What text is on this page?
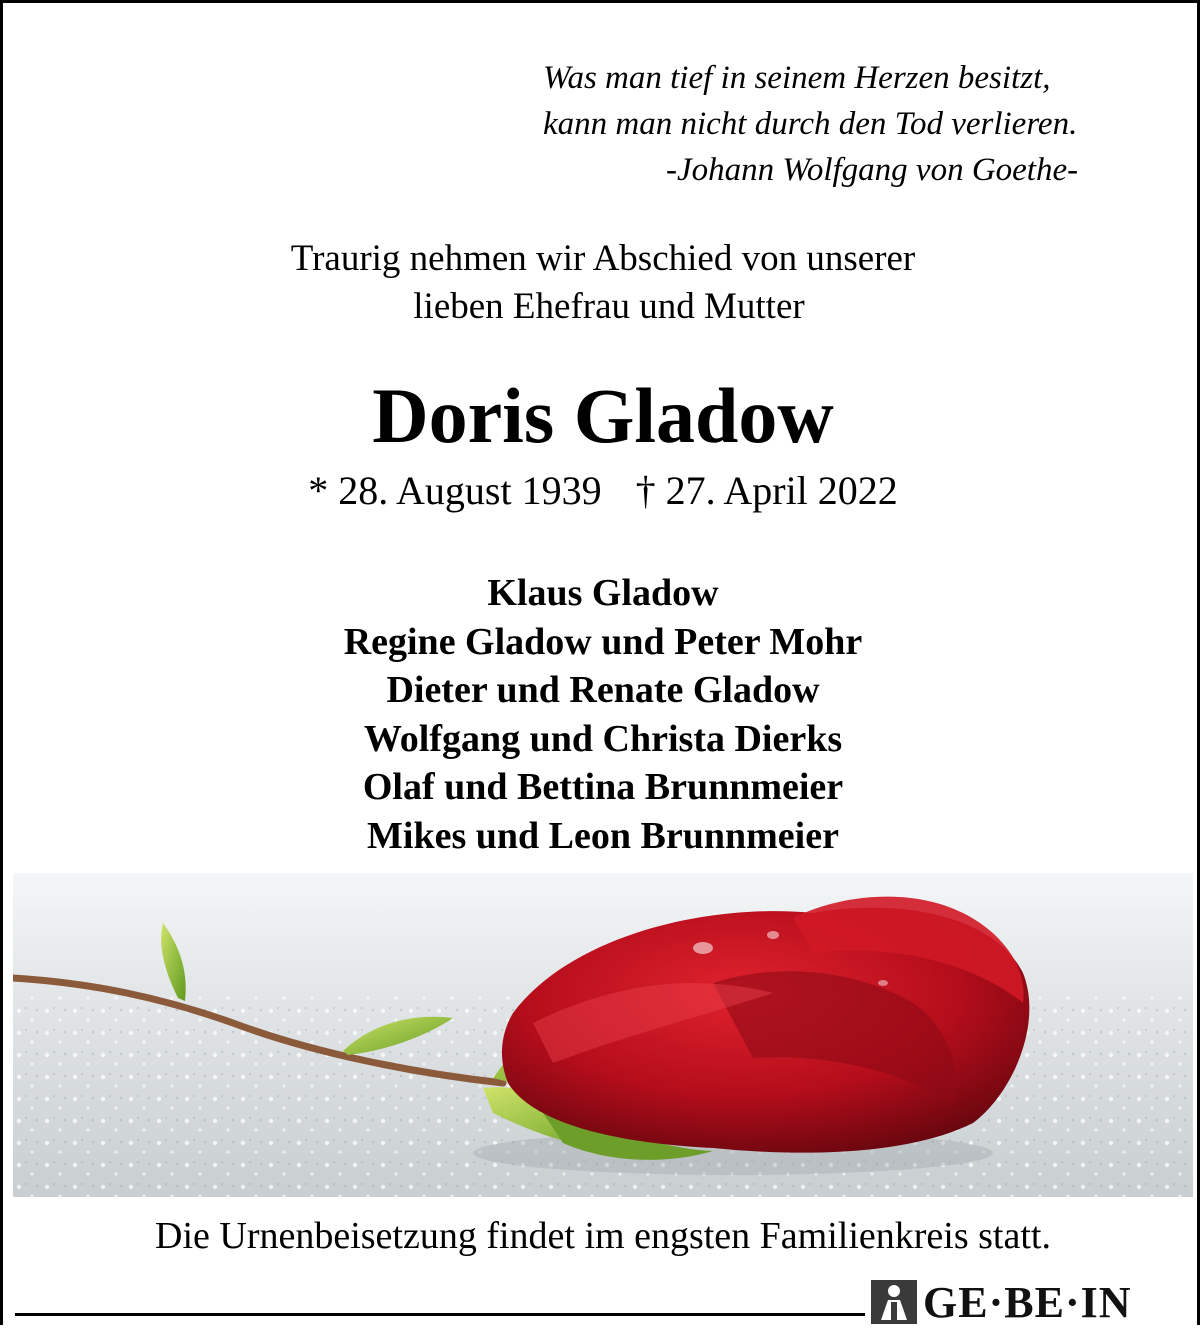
Was man tief in seinem Herzen besitzt,
kann man nicht durch den Tod verlieren.
-Johann Wolfgang von Goethe-
Traurig nehmen wir Abschied von unserer
lieben Ehefrau und Mutter
Doris Gladow
* 28. August 1939 † 27. April 2022
Klaus Gladow
Regine Gladow und Peter Mohr
Dieter und Renate Gladow
Wolfgang und Christa Dierks
Olaf und Bettina Brunnmeier
Mikes und Leon Brunnmeier
Die Urnenbeisetzung findet im engsten Familienkreis statt.
GE·BE·IN
